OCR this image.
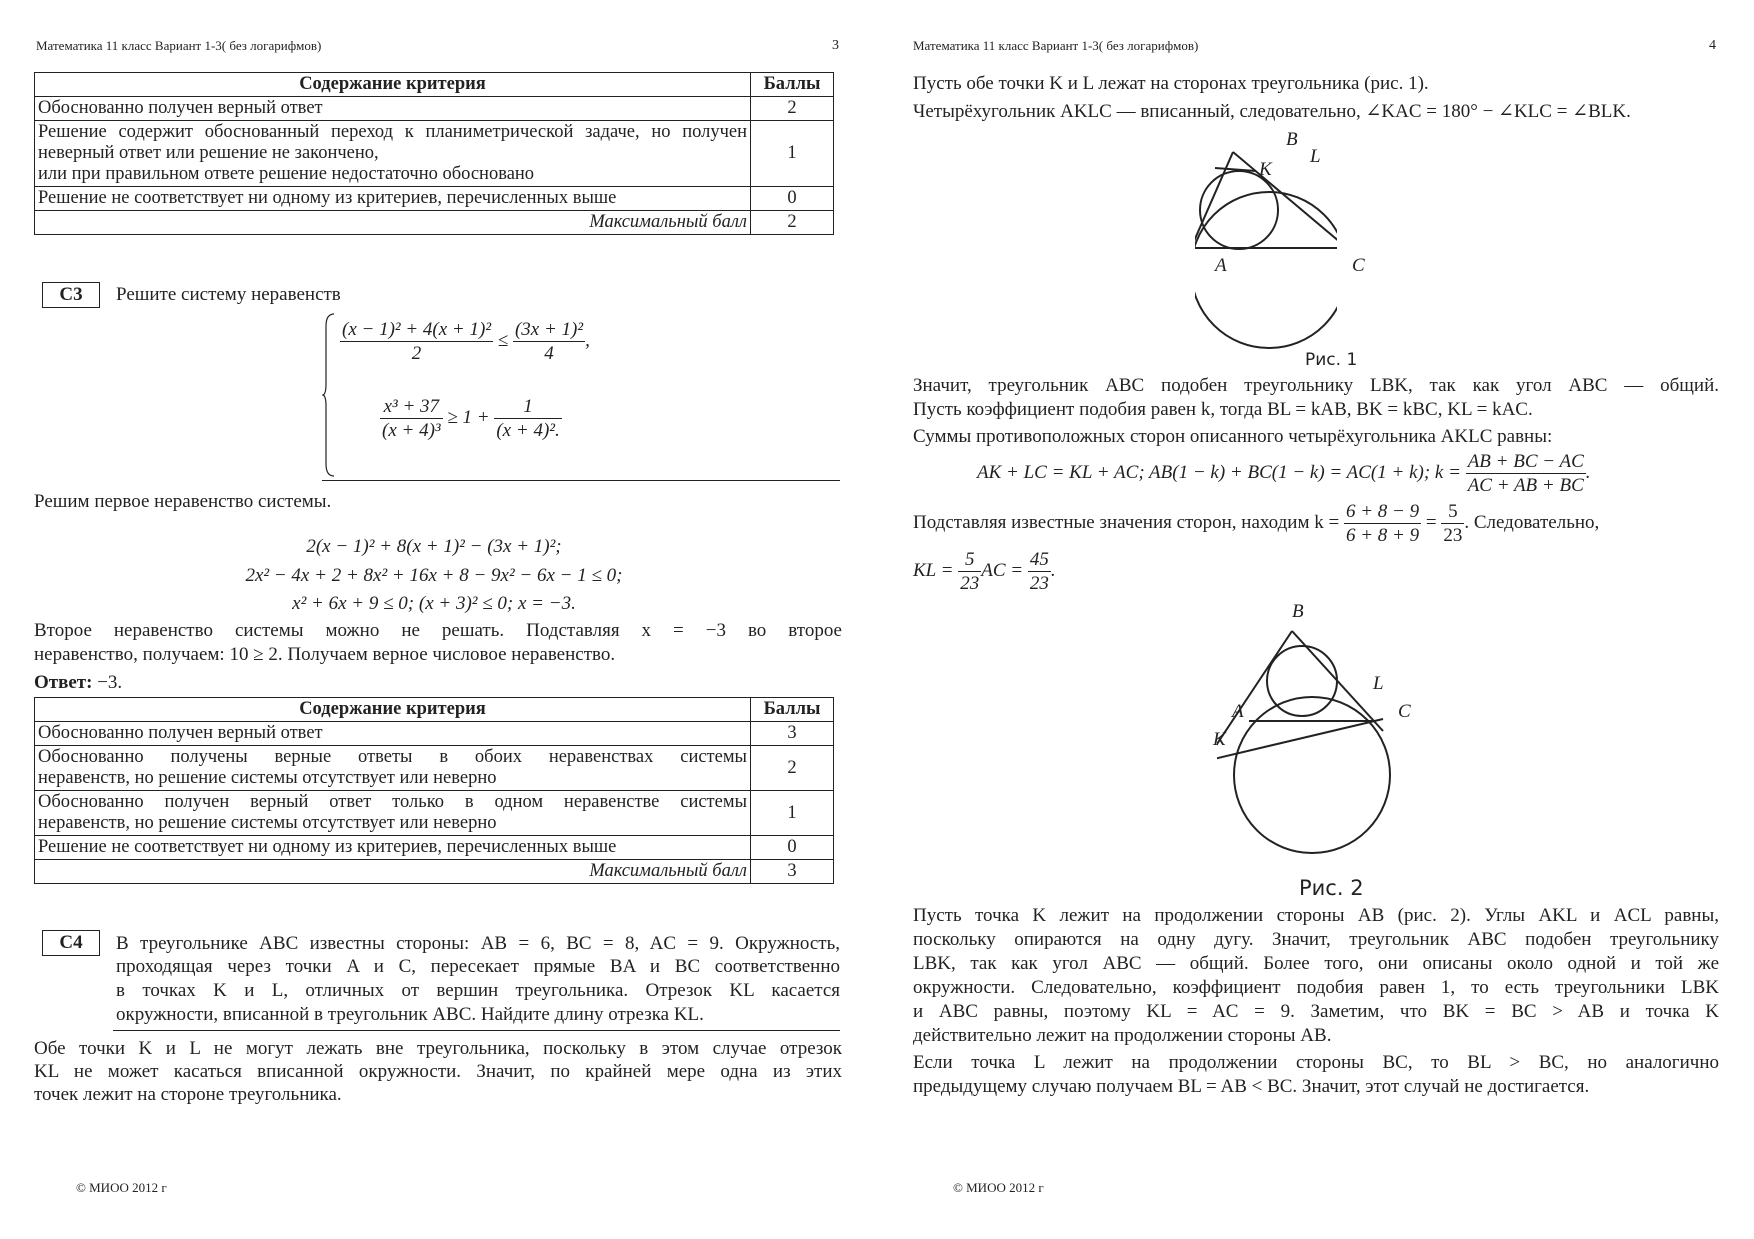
Математика 11 класс Вариант 1-3( без логарифмов)	3
Содержание критерия	Баллы
Обоснованно получен верный ответ	2

Решение содержит обоснованный переход к планиметрической задаче, но получен неверный ответ или решение не закончено,
или при правильном ответе решение недостаточно обосновано	1
Решение не соответствует ни одному из критериев, перечисленных выше	0
Максимальный балл	2
С3	Решите систему неравенств
$\frac{\text{(x − 1)² + 4(x + 1)²}}{2} \le \frac{\text{(3x + 1)²}}{4}$ ,
$\frac{\text{x³ + 37}}{\text{(x + 4)³}} \ge 1 + \frac{1}{\text{(x + 4)².}}$
Решим первое неравенство системы.
2(x − 1)² + 8(x + 1)² − (3x + 1)²;
2x² − 4x + 2 + 8x² + 16x + 8 − 9x² − 6x − 1 ≤ 0;
x² + 6x + 9 ≤ 0; (x + 3)² ≤ 0; x = −3.
Второе неравенство системы можно не решать. Подставляя x = −3 во второе
неравенство, получаем: 10 ≥ 2. Получаем верное числовое неравенство.
Ответ: −3.
Содержание критерия	Баллы
Обоснованно получен верный ответ	3

Обоснованно получены верные ответы в обоих неравенствах системы
неравенств, но решение системы отсутствует или неверно	2

Обоснованно получен верный ответ только в одном неравенстве системы
неравенств, но решение системы отсутствует или неверно	1
Решение не соответствует ни одному из критериев, перечисленных выше	0
Максимальный балл	3
С4	В треугольнике ABC известны стороны: AB = 6, BC = 8, AC = 9. Окружность,
проходящая через точки A и C, пересекает прямые BA и BC соответственно
в точках K и L, отличных от вершин треугольника. Отрезок KL касается
окружности, вписанной в треугольник ABC. Найдите длину отрезка KL.
Обе точки K и L не могут лежать вне треугольника, поскольку в этом случае отрезок
KL не может касаться вписанной окружности. Значит, по крайней мере одна из этих
точек лежит на стороне треугольника.
© МИОО 2012 г
Математика 11 класс Вариант 1-3( без логарифмов)	4
Пусть обе точки K и L лежат на сторонах треугольника (рис. 1).
Четырёхугольник AKLC — вписанный, следовательно, ∠KAC = 180° − ∠KLC = ∠BLK.
B
K
L
A	C
Рис. 1
Значит, треугольник ABC подобен треугольнику LBK, так как угол ABC — общий.
Пусть коэффициент подобия равен k, тогда BL = kAB, BK = kBC, KL = kAC.
Суммы противоположных сторон описанного четырёхугольника AKLC равны:
AK + LC = KL + AC; AB(1 − k) + BC(1 − k) = AC(1 + k); $k = \frac{AB + BC - AC}{AC + AB + BC}$ .
Подставляя известные значения сторон, находим $k = \frac{6 + 8 - 9}{6 + 8 + 9} = \frac{5}{23}$ . Следовательно,
KL = $\frac{5}{23}$ AC = $\frac{45}{23}$ .
B
A
L
C
K
Рис. 2
Пусть точка K лежит на продолжении стороны AB (рис. 2). Углы AKL и ACL равны,
поскольку опираются на одну дугу. Значит, треугольник ABC подобен треугольнику
LBK, так как угол ABC — общий. Более того, они описаны около одной и той же
окружности. Следовательно, коэффициент подобия равен 1, то есть треугольники LBK
и ABC равны, поэтому KL = AC = 9. Заметим, что BK = BC > AB и точка K
действительно лежит на продолжении стороны AB.
Если точка L лежит на продолжении стороны BC, то BL > BC, но аналогично
предыдущему случаю получаем BL = AB < BC. Значит, этот случай не достигается.
© МИОО 2012 г
